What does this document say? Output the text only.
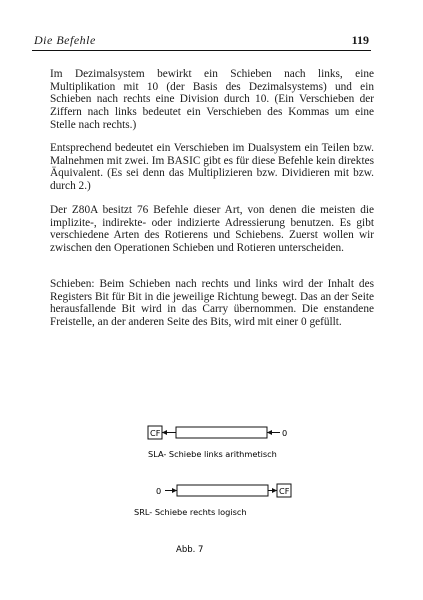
Die Befehle	119

Im Dezimalsystem bewirkt ein Schieben nach links, eine Multiplikation mit 10 (der Basis des Dezimalsystems) und ein Schieben nach rechts eine Division durch 10. (Ein Verschieben der Ziffern nach links bedeutet ein Verschieben des Kommas um eine Stelle nach rechts.)

Entsprechend bedeutet ein Verschieben im Dualsystem ein Teilen bzw. Malnehmen mit zwei. Im BASIC gibt es für diese Befehle kein direktes Äquivalent. (Es sei denn das Multiplizieren bzw. Dividieren mit bzw. durch 2.)

Der Z80A besitzt 76 Befehle dieser Art, von denen die meisten die implizite-, indirekte- oder indizierte Adressierung benutzen. Es gibt verschiedene Arten des Rotierens und Schiebens. Zuerst wollen wir zwischen den Operationen Schieben und Rotieren unterscheiden.

Schieben: Beim Schieben nach rechts und links wird der Inhalt des Registers Bit für Bit in die jeweilige Richtung bewegt. Das an der Seite herausfallende Bit wird in das Carry übernommen. Die enstandene Freistelle, an der anderen Seite des Bits, wird mit einer 0 gefüllt.

CF	0
SLA- Schiebe links arithmetisch
0	CF
SRL- Schiebe rechts logisch
Abb. 7
